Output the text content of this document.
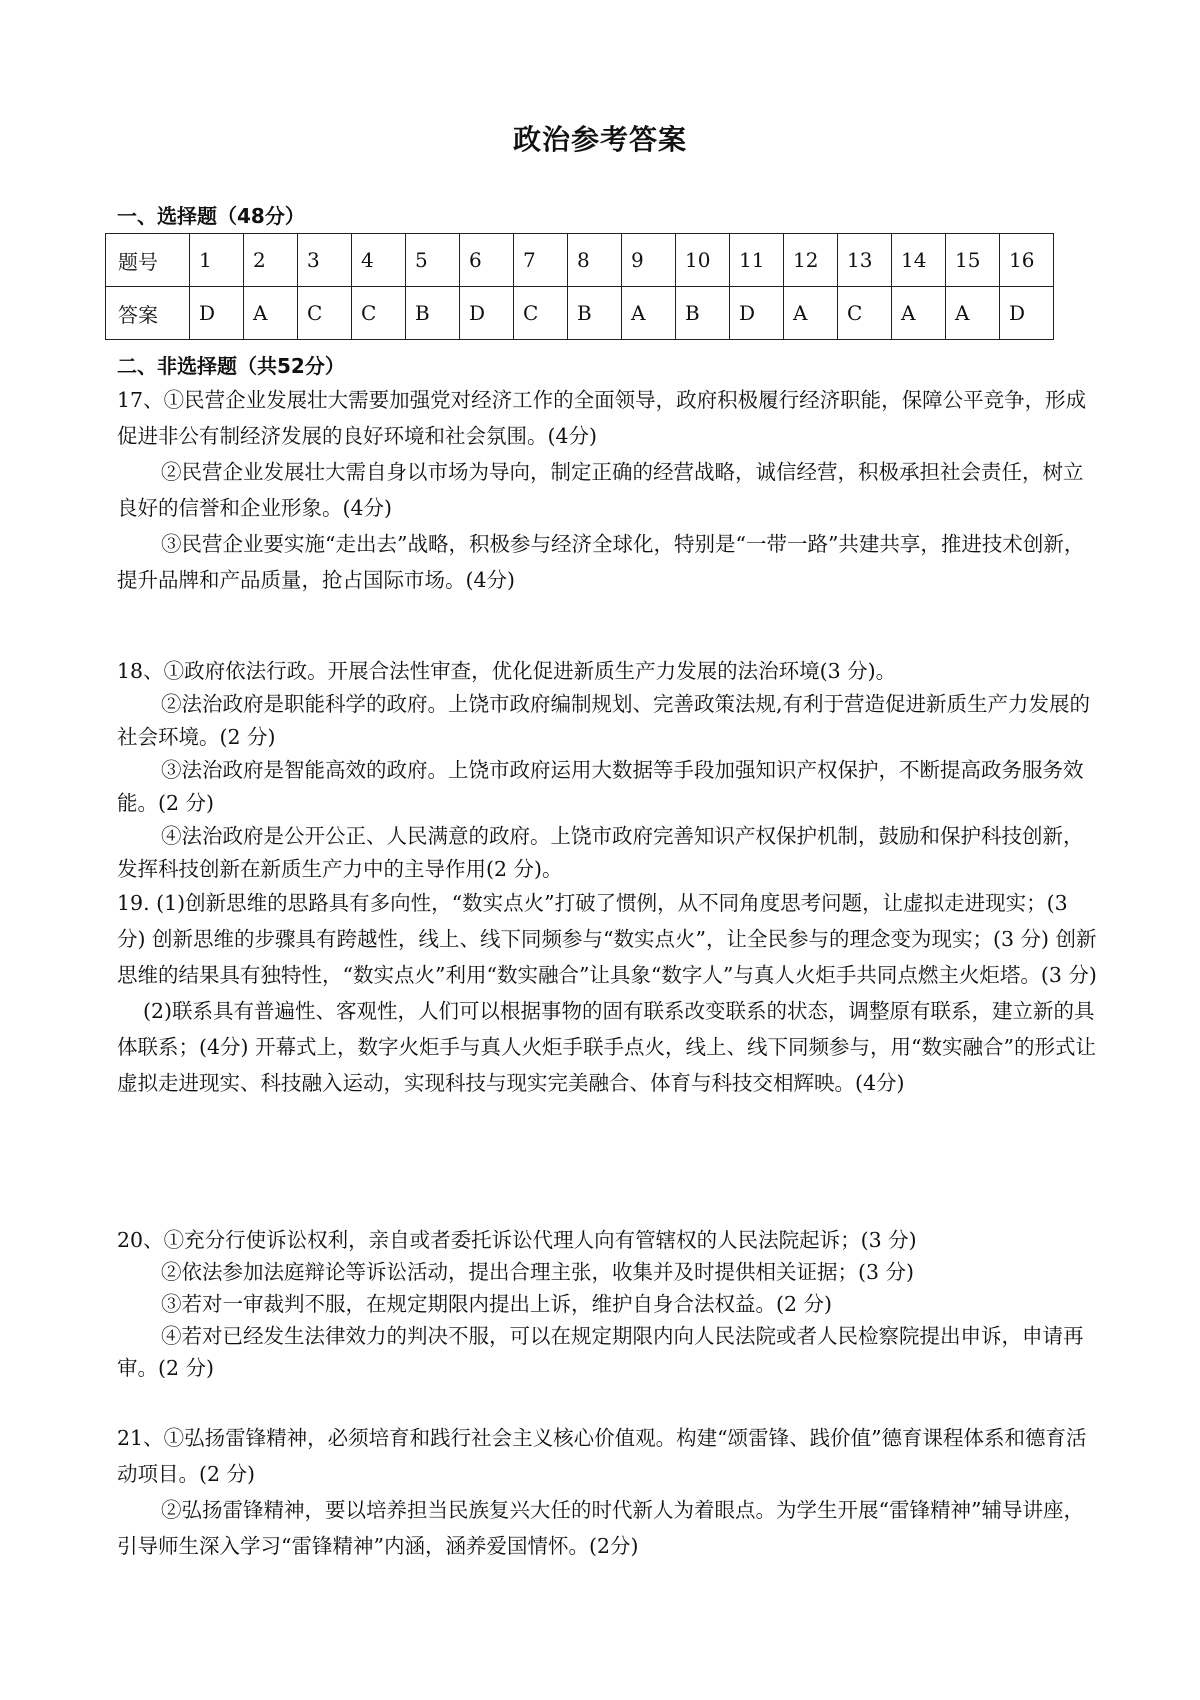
政治参考答案
一、选择题（48分）
题号	1	2	3	4	5	6	7	8	9	10	11	12	13	14	15	16
答案	D	A	C	C	B	D	C	B	A	B	D	A	C	A	A	D
二、非选择题（共52分）

17、①民营企业发展壮大需要加强党对经济工作的全面领导，政府积极履行经济职能，保障公平竞争，形成促进非公有制经济发展的良好环境和社会氛围。(4分)

②民营企业发展壮大需自身以市场为导向，制定正确的经营战略，诚信经营，积极承担社会责任，树立良好的信誉和企业形象。(4分)

③民营企业要实施“走出去”战略，积极参与经济全球化，特别是“一带一路”共建共享，推进技术创新，提升品牌和产品质量，抢占国际市场。(4分)

18、①政府依法行政。开展合法性审查，优化促进新质生产力发展的法治环境(3 分)。

②法治政府是职能科学的政府。上饶市政府编制规划、完善政策法规,有利于营造促进新质生产力发展的社会环境。(2 分)

③法治政府是智能高效的政府。上饶市政府运用大数据等手段加强知识产权保护，不断提高政务服务效能。(2 分)

④法治政府是公开公正、人民满意的政府。上饶市政府完善知识产权保护机制，鼓励和保护科技创新，发挥科技创新在新质生产力中的主导作用(2 分)。

19. (1)创新思维的思路具有多向性，“数实点火”打破了惯例，从不同角度思考问题，让虚拟走进现实；(3 分) 创新思维的步骤具有跨越性，线上、线下同频参与“数实点火”，让全民参与的理念变为现实；(3 分) 创新思维的结果具有独特性，“数实点火”利用“数实融合”让具象“数字人”与真人火炬手共同点燃主火炬塔。(3 分)

(2)联系具有普遍性、客观性，人们可以根据事物的固有联系改变联系的状态，调整原有联系，建立新的具体联系；(4分) 开幕式上，数字火炬手与真人火炬手联手点火，线上、线下同频参与，用“数实融合”的形式让虚拟走进现实、科技融入运动，实现科技与现实完美融合、体育与科技交相辉映。(4分)

20、①充分行使诉讼权利，亲自或者委托诉讼代理人向有管辖权的人民法院起诉；(3 分)

②依法参加法庭辩论等诉讼活动，提出合理主张，收集并及时提供相关证据；(3 分)

③若对一审裁判不服，在规定期限内提出上诉，维护自身合法权益。(2 分)

④若对已经发生法律效力的判决不服，可以在规定期限内向人民法院或者人民检察院提出申诉，申请再审。(2 分)

21、①弘扬雷锋精神，必须培育和践行社会主义核心价值观。构建“颂雷锋、践价值”德育课程体系和德育活动项目。(2 分)

②弘扬雷锋精神，要以培养担当民族复兴大任的时代新人为着眼点。为学生开展“雷锋精神”辅导讲座，引导师生深入学习“雷锋精神”内涵，涵养爱国情怀。(2分)
